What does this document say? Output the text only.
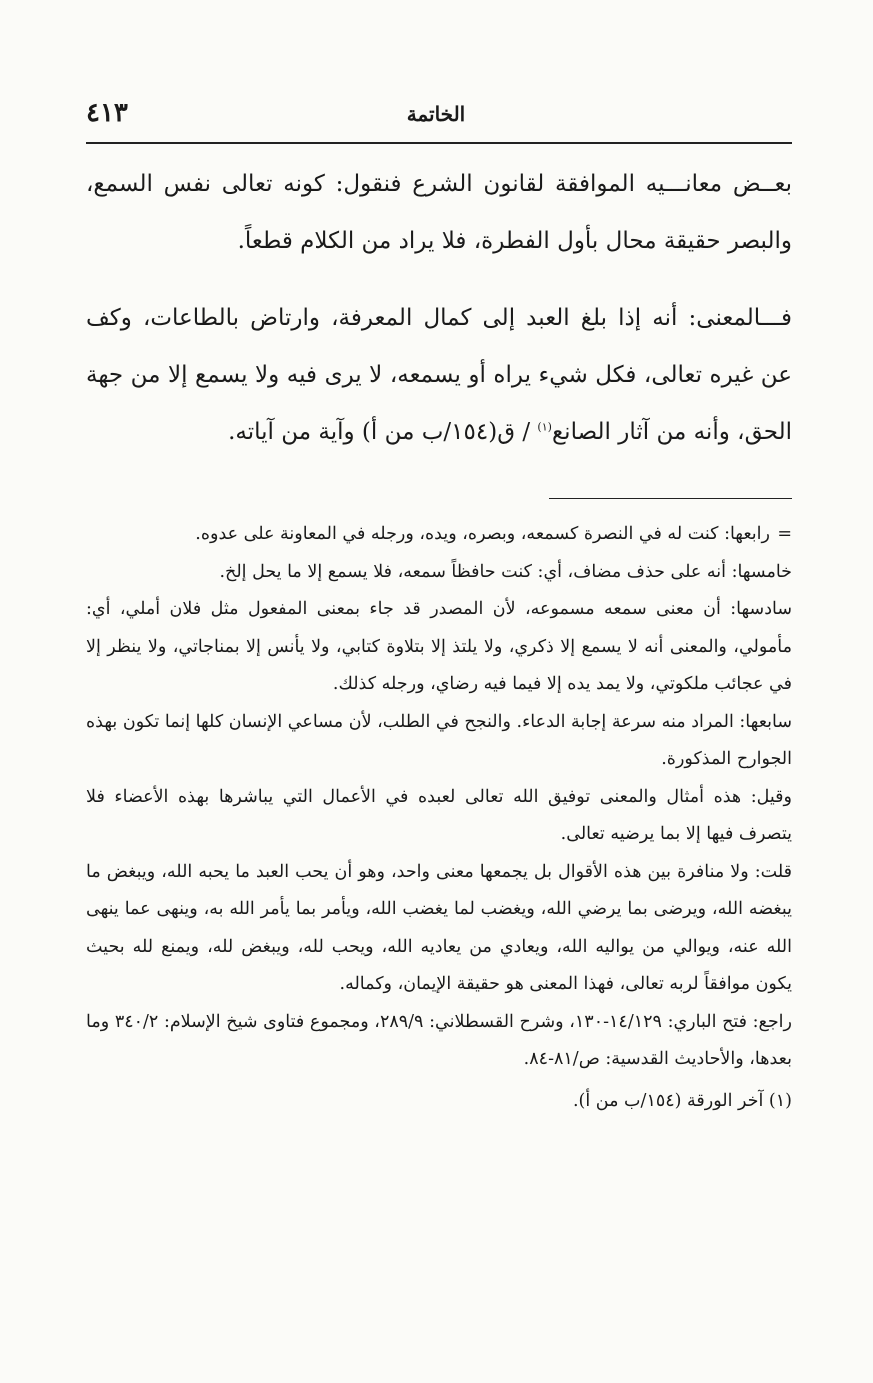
الخاتمة
٤١٣

بعــض معانـــيه الموافقة لقانون الشرع فنقول: كونه تعالى نفس السمع، والبصر حقيقة محال بأول الفطرة، فلا يراد من الكلام قطعاً.

فـــالمعنى: أنه إذا بلغ العبد إلى كمال المعرفة، وارتاض بالطاعات، وكف عن غيره تعالى، فكل شيء يراه أو يسمعه، لا يرى فيه ولا يسمع إلا من جهة الحق، وأنه من آثار الصانع$^{(١)}$ / ق(١٥٤/ب من أ) وآية من آياته.

=
رابعها: كنت له في النصرة كسمعه، وبصره، ويده، ورجله في المعاونة على عدوه.

خامسها: أنه على حذف مضاف، أي: كنت حافظاً سمعه، فلا يسمع إلا ما يحل إلخ.

سادسها: أن معنى سمعه مسموعه، لأن المصدر قد جاء بمعنى المفعول مثل فلان أملي، أي: مأمولي، والمعنى أنه لا يسمع إلا ذكري، ولا يلتذ إلا بتلاوة كتابي، ولا يأنس إلا بمناجاتي، ولا ينظر إلا في عجائب ملكوتي، ولا يمد يده إلا فيما فيه رضاي، ورجله كذلك.

سابعها: المراد منه سرعة إجابة الدعاء. والنجح في الطلب، لأن مساعي الإنسان كلها إنما تكون بهذه الجوارح المذكورة.

وقيل: هذه أمثال والمعنى توفيق الله تعالى لعبده في الأعمال التي يباشرها بهذه الأعضاء فلا يتصرف فيها إلا بما يرضيه تعالى.

قلت: ولا منافرة بين هذه الأقوال بل يجمعها معنى واحد، وهو أن يحب العبد ما يحبه الله، ويبغض ما يبغضه الله، ويرضى بما يرضي الله، ويغضب لما يغضب الله، ويأمر بما يأمر الله به، وينهى عما ينهى الله عنه، ويوالي من يواليه الله، ويعادي من يعاديه الله، ويحب لله، ويبغض لله، ويمنع لله بحيث يكون موافقاً لربه تعالى، فهذا المعنى هو حقيقة الإيمان، وكماله.

راجع: فتح الباري: ١٤/١٢٩-١٣٠، وشرح القسطلاني: ٢٨٩/٩، ومجموع فتاوى شيخ الإسلام: ٣٤٠/٢ وما بعدها، والأحاديث القدسية: ص/٨١-٨٤.

(١) آخر الورقة (١٥٤/ب من أ).
